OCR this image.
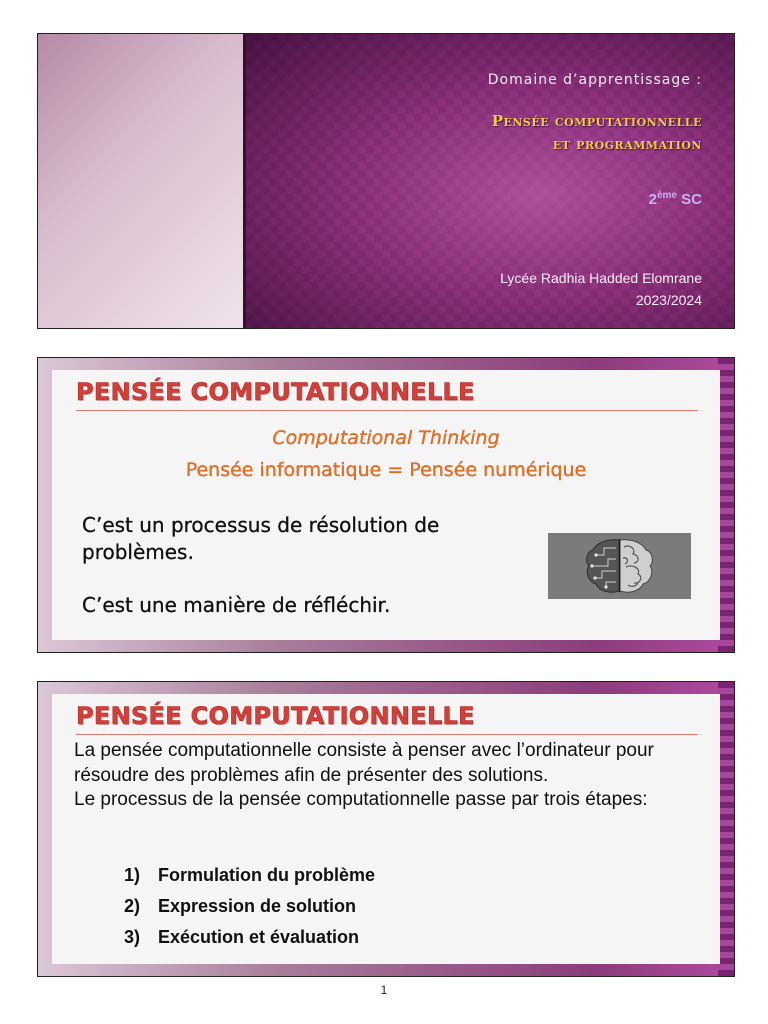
Domaine d’apprentissage :
Pensée computationnelle
et programmation
2ème SC
Lycée Radhia Hadded Elomrane
2023/2024
PENSÉE COMPUTATIONNELLE
Computational Thinking
Pensée informatique = Pensée numérique

C’est un processus de résolution de problèmes.

C’est une manière de réfléchir.

PENSÉE COMPUTATIONNELLE
La pensée computationnelle consiste à penser avec l’ordinateur pour résoudre des problèmes afin de présenter des solutions.
Le processus de la pensée computationnelle passe par trois étapes:
1) Formulation du problème
2) Expression de solution
3) Exécution et évaluation
1
